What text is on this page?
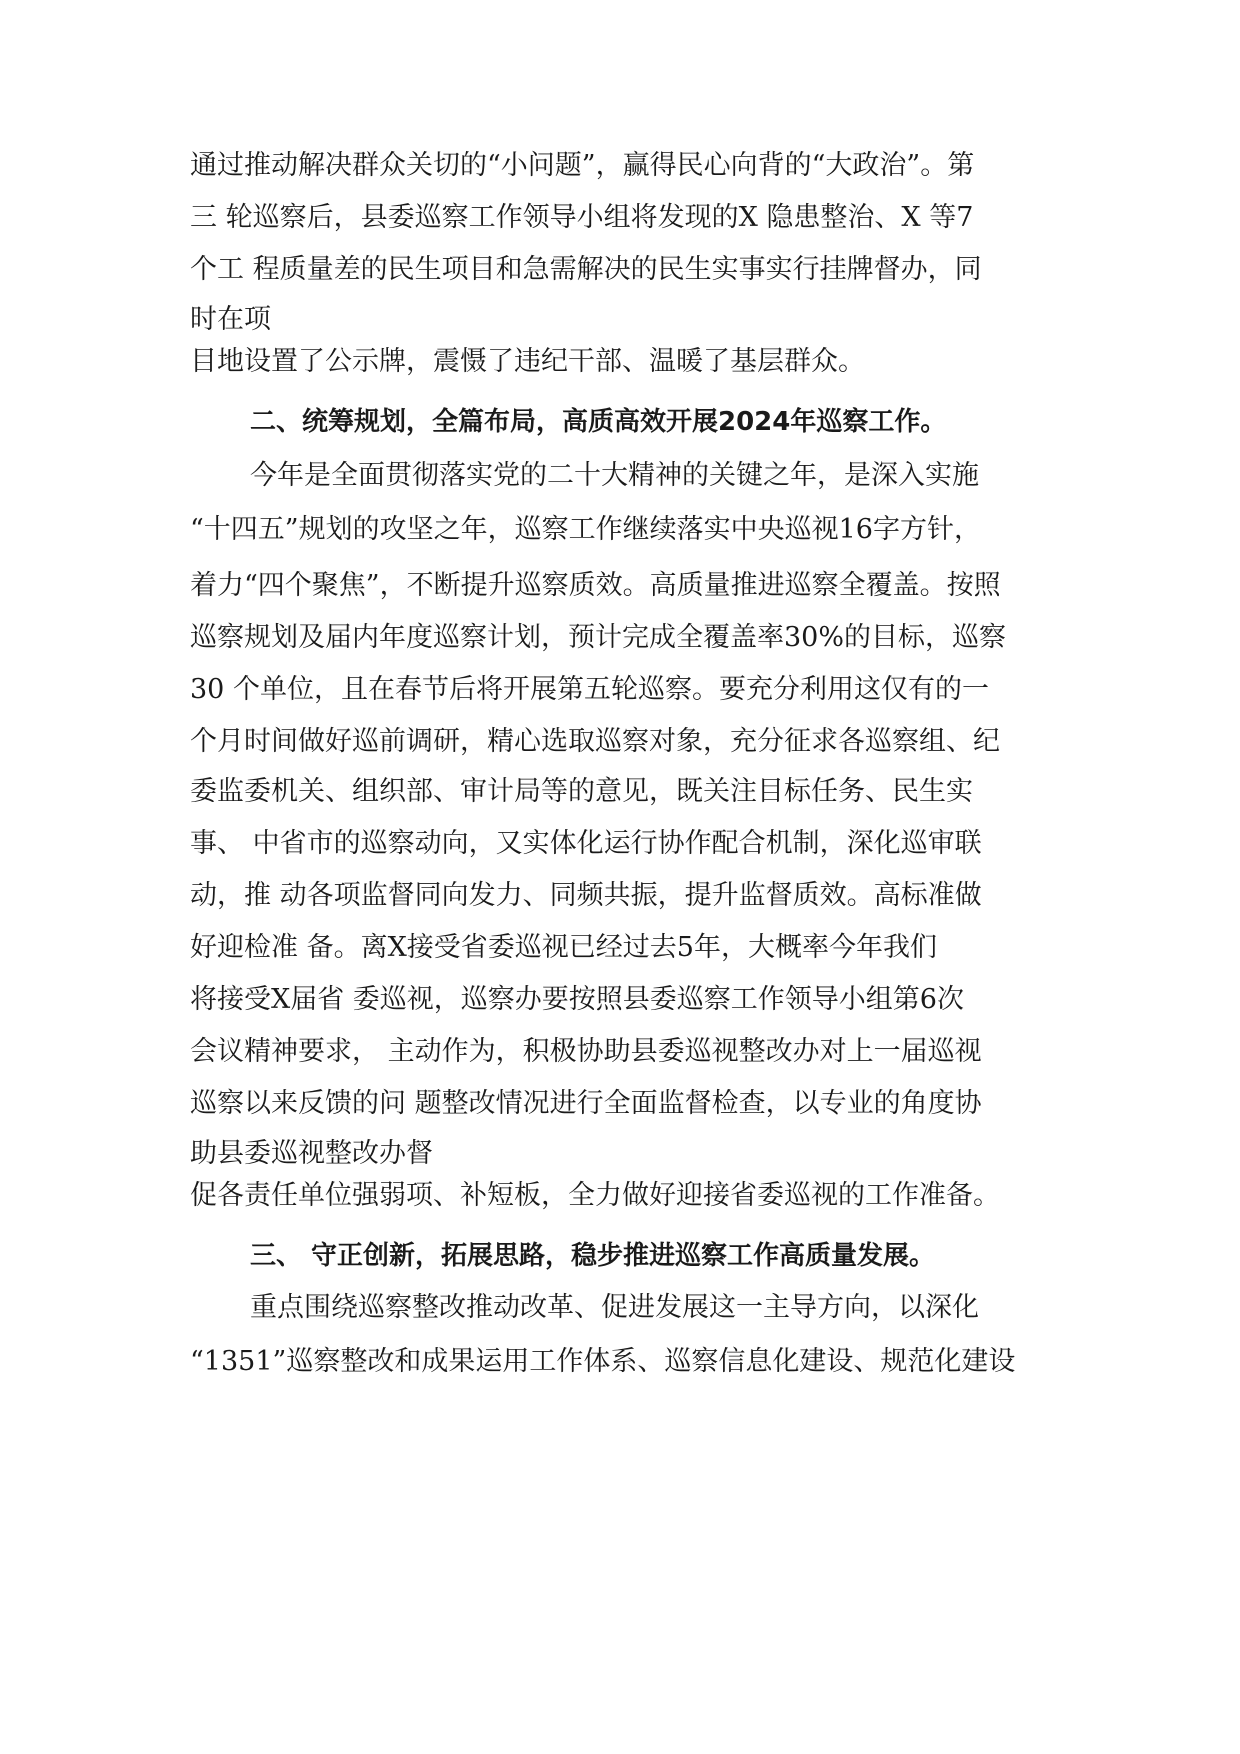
通过推动解决群众关切的“小问题”，赢得民心向背的“大政治”。第
三 轮巡察后，县委巡察工作领导小组将发现的X 隐患整治、X 等7
个工 程质量差的民生项目和急需解决的民生实事实行挂牌督办，同
时在项
目地设置了公示牌，震慑了违纪干部、温暖了基层群众。
二、统筹规划，全篇布局，高质高效开展2024年巡察工作。
今年是全面贯彻落实党的二十大精神的关键之年，是深入实施
“十四五”规划的攻坚之年，巡察工作继续落实中央巡视16字方针，
着力“四个聚焦”，不断提升巡察质效。高质量推进巡察全覆盖。按照
巡察规划及届内年度巡察计划，预计完成全覆盖率30%的目标，巡察
30 个单位，且在春节后将开展第五轮巡察。要充分利用这仅有的一
个月时间做好巡前调研，精心选取巡察对象，充分征求各巡察组、纪
委监委机关、组织部、审计局等的意见，既关注目标任务、民生实
事、 中省市的巡察动向，又实体化运行协作配合机制，深化巡审联
动，推 动各项监督同向发力、同频共振，提升监督质效。高标准做
好迎检准 备。离X接受省委巡视已经过去5年，大概率今年我们
将接受X届省 委巡视，巡察办要按照县委巡察工作领导小组第6次
会议精神要求， 主动作为，积极协助县委巡视整改办对上一届巡视
巡察以来反馈的问 题整改情况进行全面监督检查，以专业的角度协
助县委巡视整改办督
促各责任单位强弱项、补短板，全力做好迎接省委巡视的工作准备。
三、 守正创新，拓展思路，稳步推进巡察工作高质量发展。
重点围绕巡察整改推动改革、促进发展这一主导方向，以深化
“1351”巡察整改和成果运用工作体系、巡察信息化建设、规范化建设
